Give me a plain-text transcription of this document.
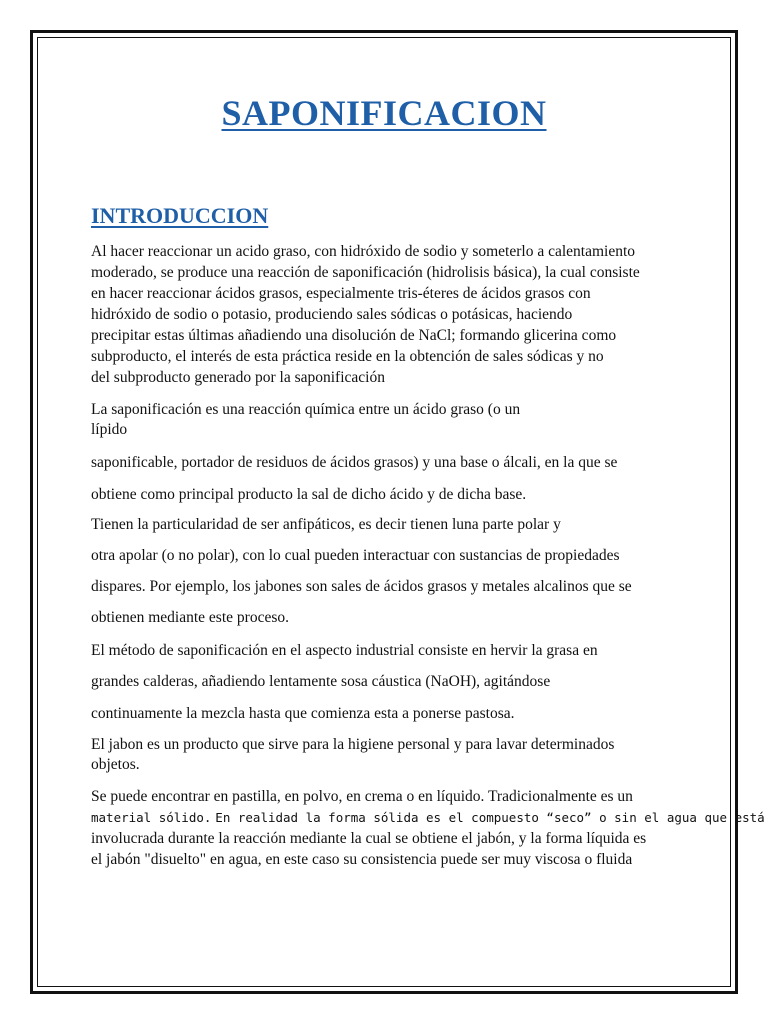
SAPONIFICACION
INTRODUCCION
Al hacer reaccionar un acido graso, con hidróxido de sodio y someterlo a calentamiento
moderado, se produce una reacción de saponificación (hidrolisis básica), la cual consiste
en hacer reaccionar ácidos grasos, especialmente tris-éteres de ácidos grasos con
hidróxido de sodio o potasio, produciendo sales sódicas o potásicas, haciendo
precipitar estas últimas añadiendo una disolución de NaCl; formando glicerina como
subproducto, el interés de esta práctica reside en la obtención de sales sódicas y no
del subproducto generado por la saponificación
La saponificación es una reacción química entre un ácido graso (o un
lípido
saponificable, portador de residuos de ácidos grasos) y una base o álcali, en la que se
obtiene como principal producto la sal de dicho ácido y de dicha base.
Tienen la particularidad de ser anfipáticos, es decir tienen luna parte polar y
otra apolar (o no polar), con lo cual pueden interactuar con sustancias de propiedades
dispares. Por ejemplo, los jabones son sales de ácidos grasos y metales alcalinos que se
obtienen mediante este proceso.
El método de saponificación en el aspecto industrial consiste en hervir la grasa en
grandes calderas, añadiendo lentamente sosa cáustica (NaOH), agitándose
continuamente la mezcla hasta que comienza esta a ponerse pastosa.
El jabon es un producto que sirve para la higiene personal y para lavar determinados
objetos.
Se puede encontrar en pastilla, en polvo, en crema o en líquido. Tradicionalmente es un
material sólido. En realidad la forma sólida es el compuesto “seco” o sin el agua que está
involucrada durante la reacción mediante la cual se obtiene el jabón, y la forma líquida es
el jabón "disuelto" en agua, en este caso su consistencia puede ser muy viscosa o fluida
